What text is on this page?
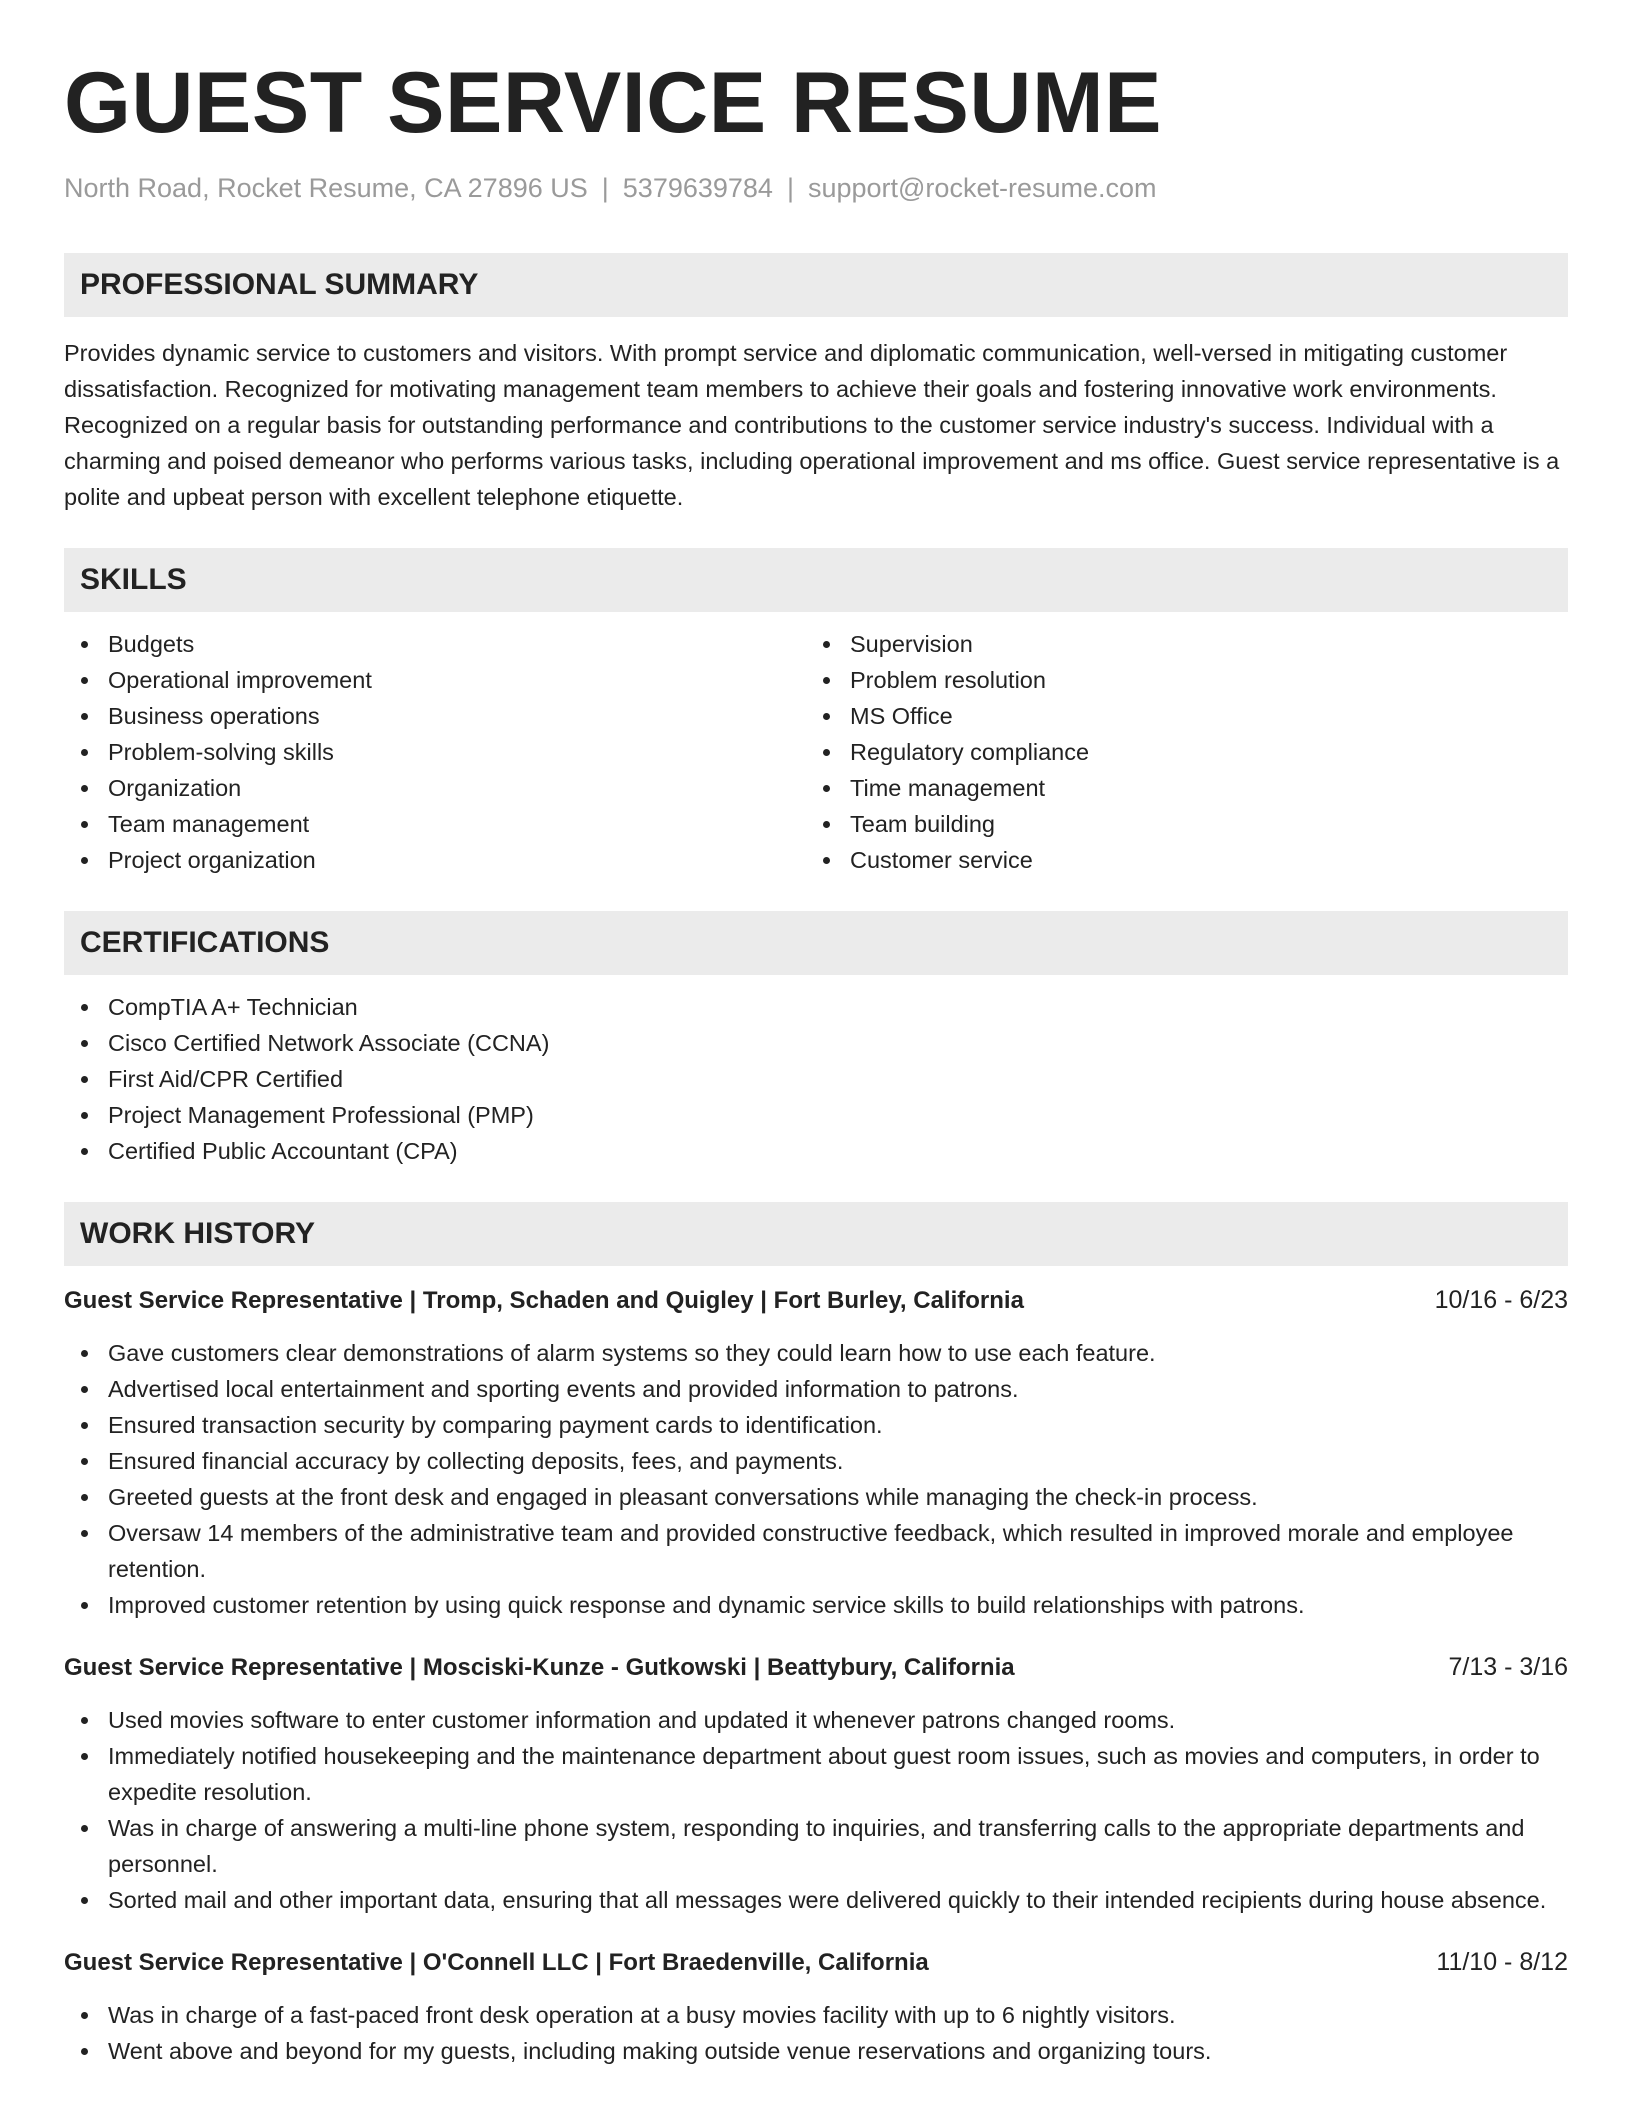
GUEST SERVICE RESUME
North Road, Rocket Resume, CA 27896 US | 5379639784 | support@rocket-resume.com
PROFESSIONAL SUMMARY

Provides dynamic service to customers and visitors. With prompt service and diplomatic communication, well-versed in mitigating customer dissatisfaction. Recognized for motivating management team members to achieve their goals and fostering innovative work environments. Recognized on a regular basis for outstanding performance and contributions to the customer service industry's success. Individual with a charming and poised demeanor who performs various tasks, including operational improvement and ms office. Guest service representative is a polite and upbeat person with excellent telephone etiquette.

SKILLS
Budgets
Operational improvement
Business operations
Problem-solving skills
Organization
Team management
Project organization
Supervision
Problem resolution
MS Office
Regulatory compliance
Time management
Team building
Customer service
CERTIFICATIONS
CompTIA A+ Technician
Cisco Certified Network Associate (CCNA)
First Aid/CPR Certified
Project Management Professional (PMP)
Certified Public Accountant (CPA)
WORK HISTORY
Guest Service Representative | Tromp, Schaden and Quigley | Fort Burley, California	10/16 - 6/23
Gave customers clear demonstrations of alarm systems so they could learn how to use each feature.
Advertised local entertainment and sporting events and provided information to patrons.
Ensured transaction security by comparing payment cards to identification.
Ensured financial accuracy by collecting deposits, fees, and payments.
Greeted guests at the front desk and engaged in pleasant conversations while managing the check-in process.
Oversaw 14 members of the administrative team and provided constructive feedback, which resulted in improved morale and employee retention.
Improved customer retention by using quick response and dynamic service skills to build relationships with patrons.
Guest Service Representative | Mosciski-Kunze - Gutkowski | Beattybury, California	7/13 - 3/16
Used movies software to enter customer information and updated it whenever patrons changed rooms.
Immediately notified housekeeping and the maintenance department about guest room issues, such as movies and computers, in order to expedite resolution.
Was in charge of answering a multi-line phone system, responding to inquiries, and transferring calls to the appropriate departments and personnel.
Sorted mail and other important data, ensuring that all messages were delivered quickly to their intended recipients during house absence.
Guest Service Representative | O'Connell LLC | Fort Braedenville, California	11/10 - 8/12
Was in charge of a fast-paced front desk operation at a busy movies facility with up to 6 nightly visitors.
Went above and beyond for my guests, including making outside venue reservations and organizing tours.
